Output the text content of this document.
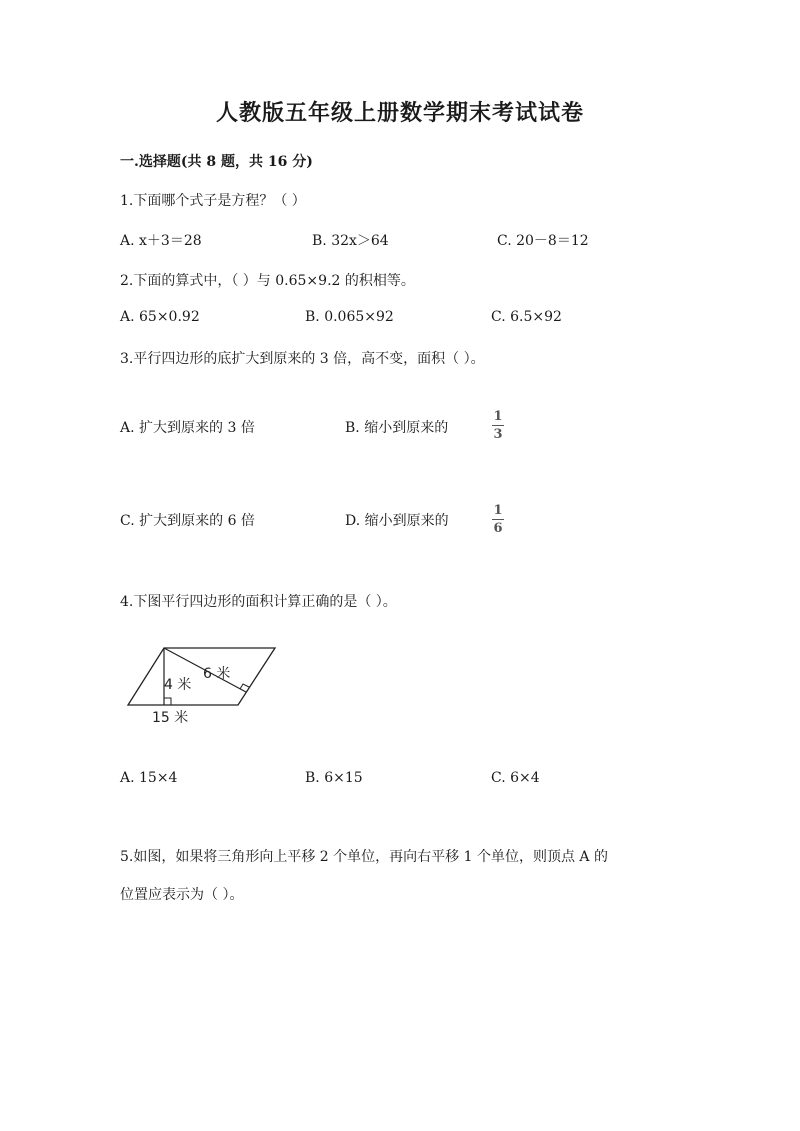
人教版五年级上册数学期末考试试卷
一.选择题(共 8 题，共 16 分)
1.下面哪个式子是方程？（ ）
A. x＋3＝28	B. 32x＞64	C. 20－8＝12
2.下面的算式中，（ ）与 0.65×9.2 的积相等。
A. 65×0.92	B. 0.065×92	C. 6.5×92
3.平行四边形的底扩大到原来的 3 倍，高不变，面积（ ）。
A. 扩大到原来的 3 倍	B. 缩小到原来的
1
3
C. 扩大到原来的 6 倍	D. 缩小到原来的
1
6
4.下图平行四边形的面积计算正确的是（ ）。
6 米
4 米
15 米
A. 15×4	B. 6×15	C. 6×4
5.如图，如果将三角形向上平移 2 个单位，再向右平移 1 个单位，则顶点 A 的
位置应表示为（ ）。
